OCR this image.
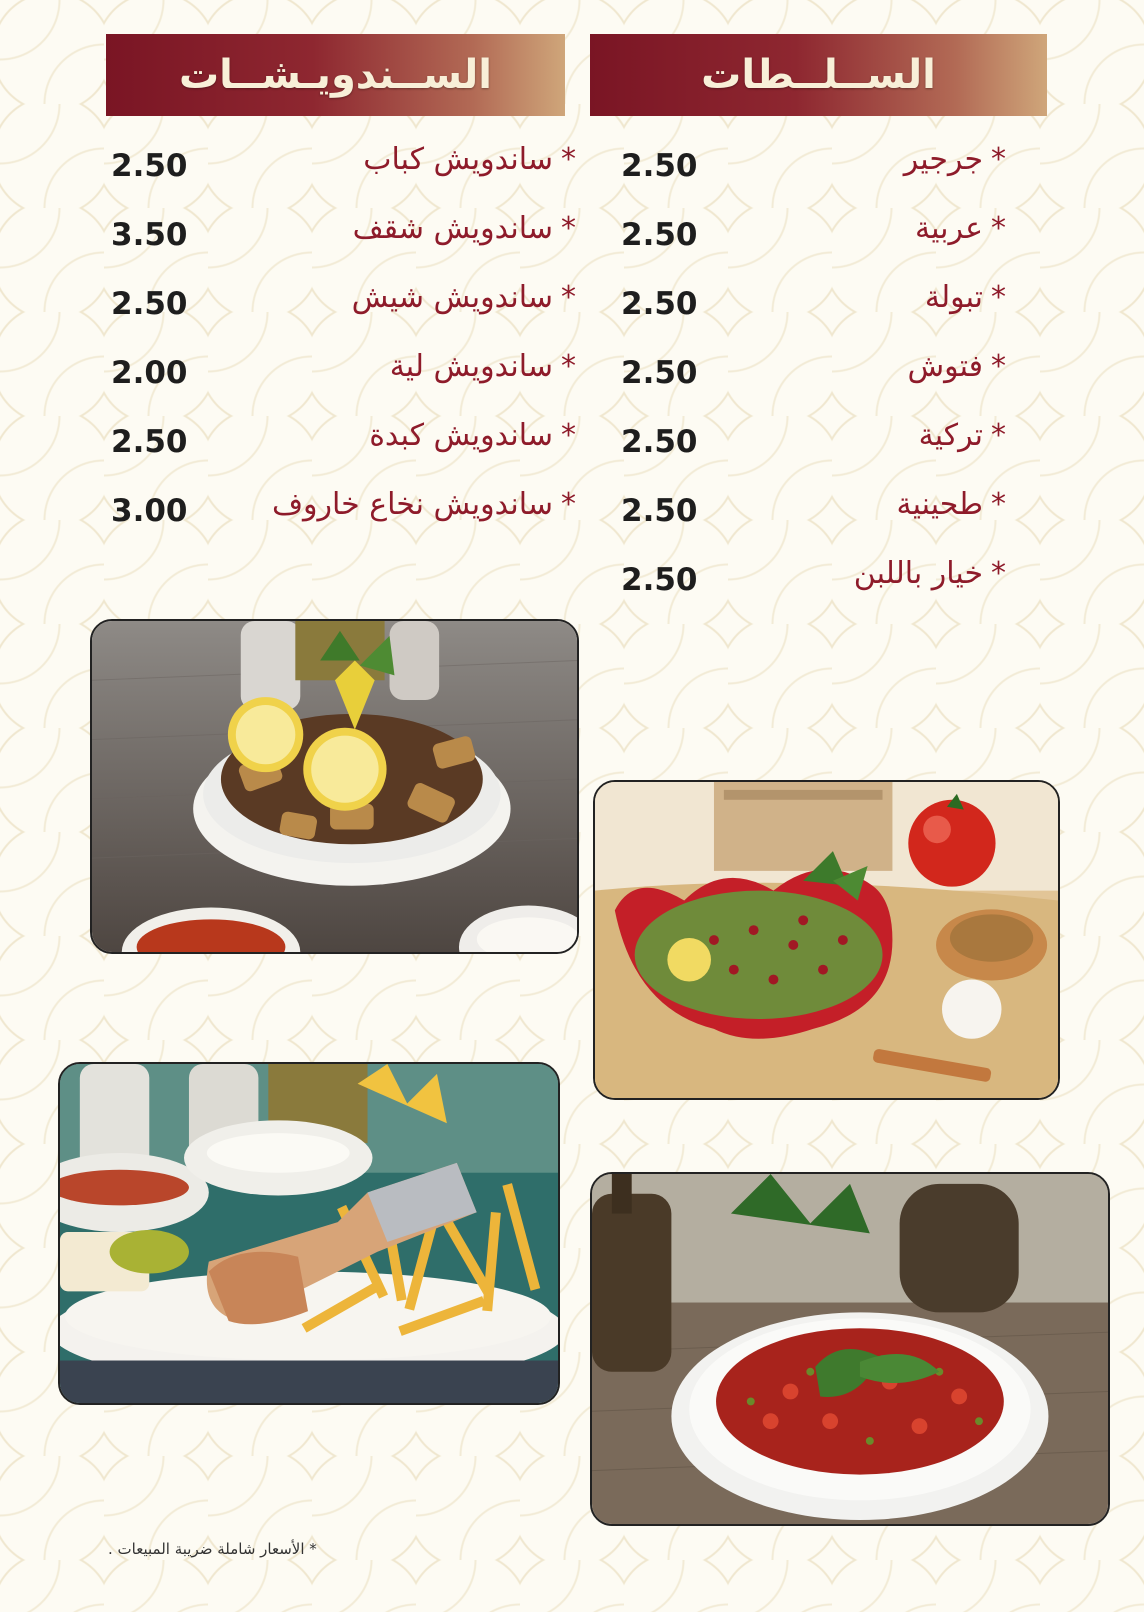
الســندويـشــات	الســلــطات
*ساندويش كباب
2.50
*ساندويش شقف
3.50
*ساندويش شيش
2.50
*ساندويش لية
2.00
*ساندويش كبدة
2.50
*ساندويش نخاع خاروف
3.00
*جرجير
2.50
*عربية
2.50
*تبولة
2.50
*فتوش
2.50
*تركية
2.50
*طحينية
2.50
*خيار باللبن
2.50
* الأسعار شاملة ضريبة المبيعات .
